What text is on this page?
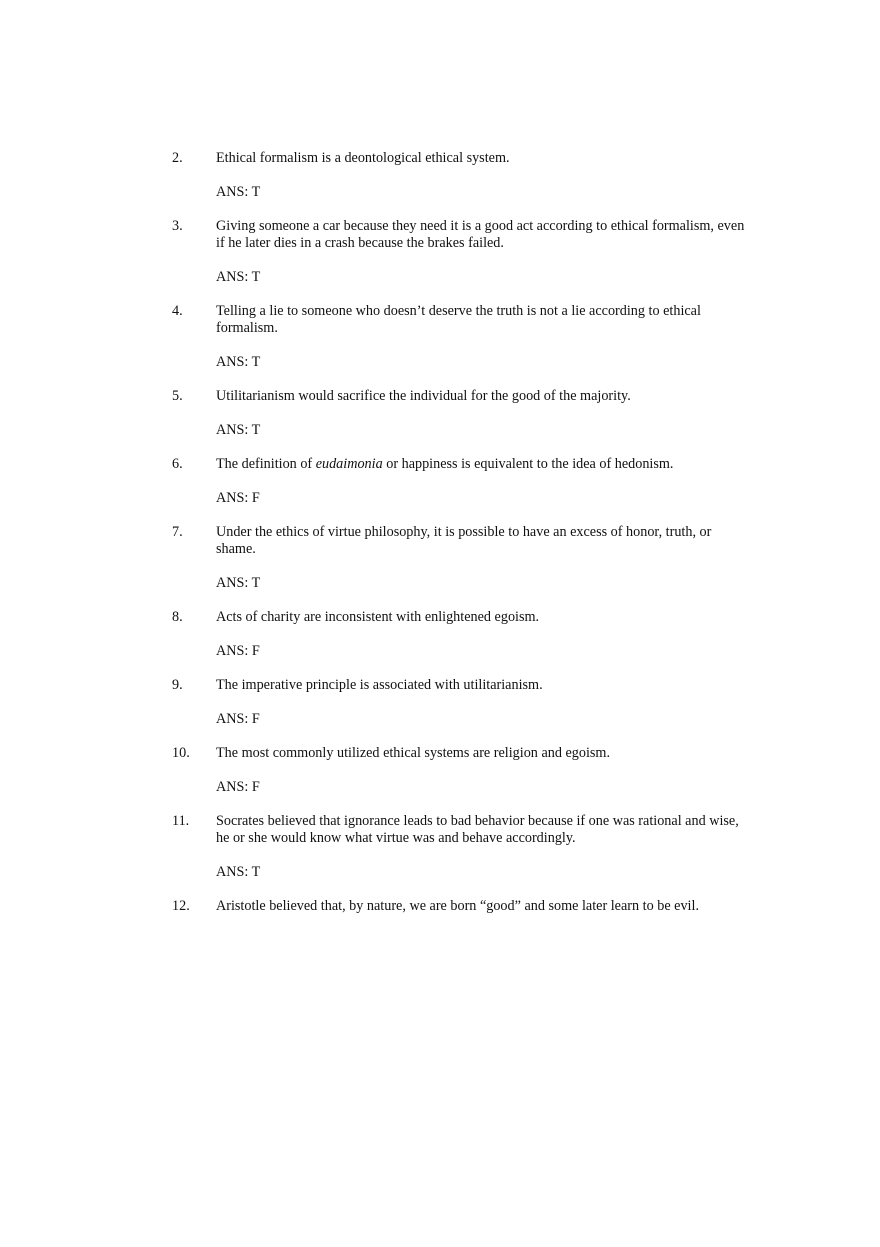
2.	Ethical formalism is a deontological ethical system.
ANS: T
3.	Giving someone a car because they need it is a good act according to ethical formalism, even if he later dies in a crash because the brakes failed.
ANS: T
4.	Telling a lie to someone who doesn’t deserve the truth is not a lie according to ethical formalism.
ANS: T
5.	Utilitarianism would sacrifice the individual for the good of the majority.
ANS: T
6.	The definition of eudaimonia or happiness is equivalent to the idea of hedonism.
ANS: F
7.	Under the ethics of virtue philosophy, it is possible to have an excess of honor, truth, or shame.
ANS: T
8.	Acts of charity are inconsistent with enlightened egoism.
ANS: F
9.	The imperative principle is associated with utilitarianism.
ANS: F
10.	The most commonly utilized ethical systems are religion and egoism.
ANS: F
11.	Socrates believed that ignorance leads to bad behavior because if one was rational and wise, he or she would know what virtue was and behave accordingly.
ANS: T
12.	Aristotle believed that, by nature, we are born “good” and some later learn to be evil.
